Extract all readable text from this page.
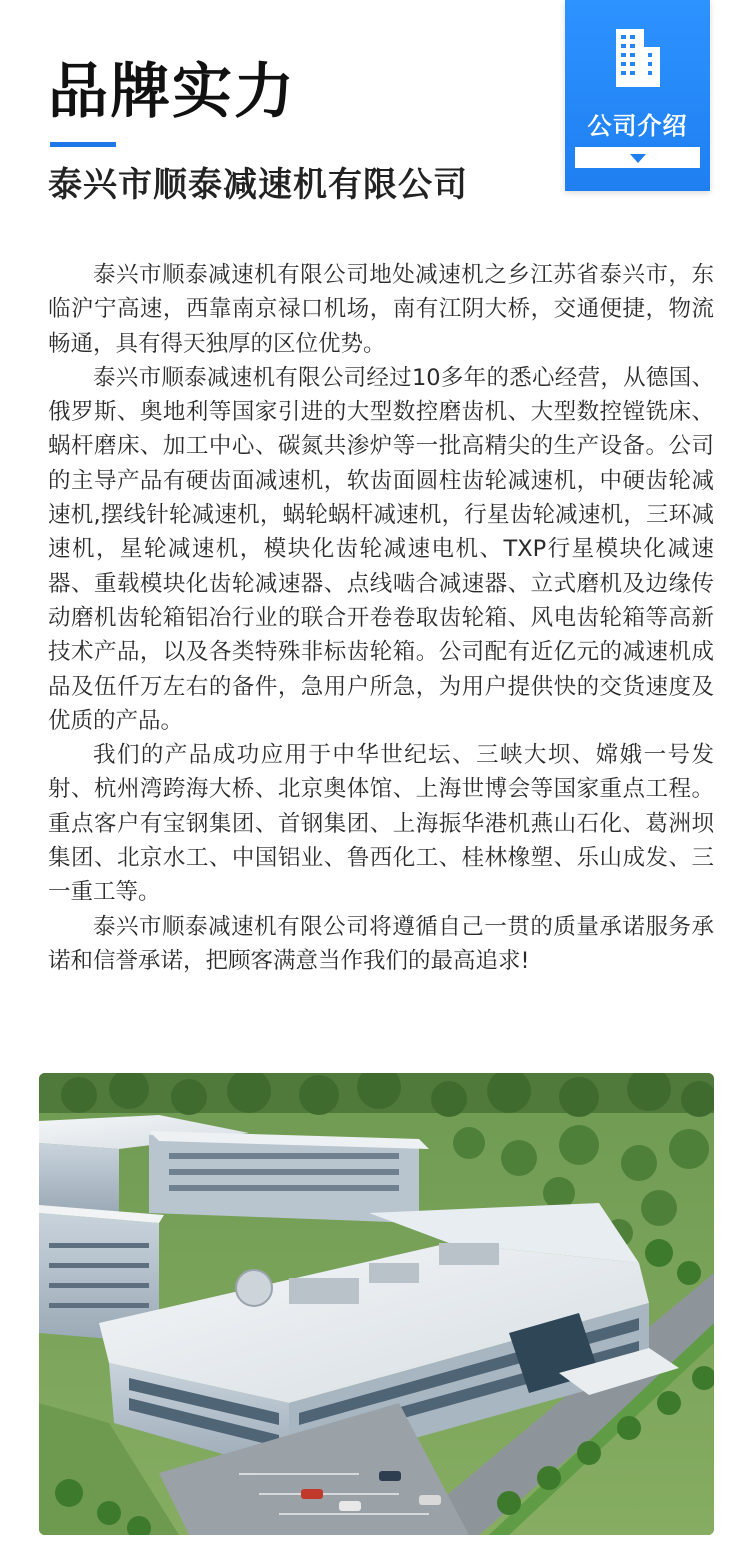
品牌实力
泰兴市顺泰减速机有限公司
公司介绍

泰兴市顺泰减速机有限公司地处减速机之乡江苏省泰兴市，东临沪宁高速，西靠南京禄口机场，南有江阴大桥，交通便捷，物流畅通，具有得天独厚的区位优势。

泰兴市顺泰减速机有限公司经过10多年的悉心经营，从德国、俄罗斯、奥地利等国家引进的大型数控磨齿机、大型数控镗铣床、蜗杆磨床、加工中心、碳氮共渗炉等一批高精尖的生产设备。公司的主导产品有硬齿面减速机，软齿面圆柱齿轮减速机，中硬齿轮减速机,摆线针轮减速机，蜗轮蜗杆减速机，行星齿轮减速机，三环减速机，星轮减速机，模块化齿轮减速电机、TXP行星模块化减速器、重载模块化齿轮减速器、点线啮合减速器、立式磨机及边缘传动磨机齿轮箱铝冶行业的联合开卷卷取齿轮箱、风电齿轮箱等高新技术产品，以及各类特殊非标齿轮箱。公司配有近亿元的减速机成品及伍仟万左右的备件，急用户所急，为用户提供快的交货速度及优质的产品。

我们的产品成功应用于中华世纪坛、三峡大坝、嫦娥一号发射、杭州湾跨海大桥、北京奥体馆、上海世博会等国家重点工程。重点客户有宝钢集团、首钢集团、上海振华港机燕山石化、葛洲坝集团、北京水工、中国铝业、鲁西化工、桂林橡塑、乐山成发、三一重工等。

泰兴市顺泰减速机有限公司将遵循自己一贯的质量承诺服务承诺和信誉承诺，把顾客满意当作我们的最高追求!
